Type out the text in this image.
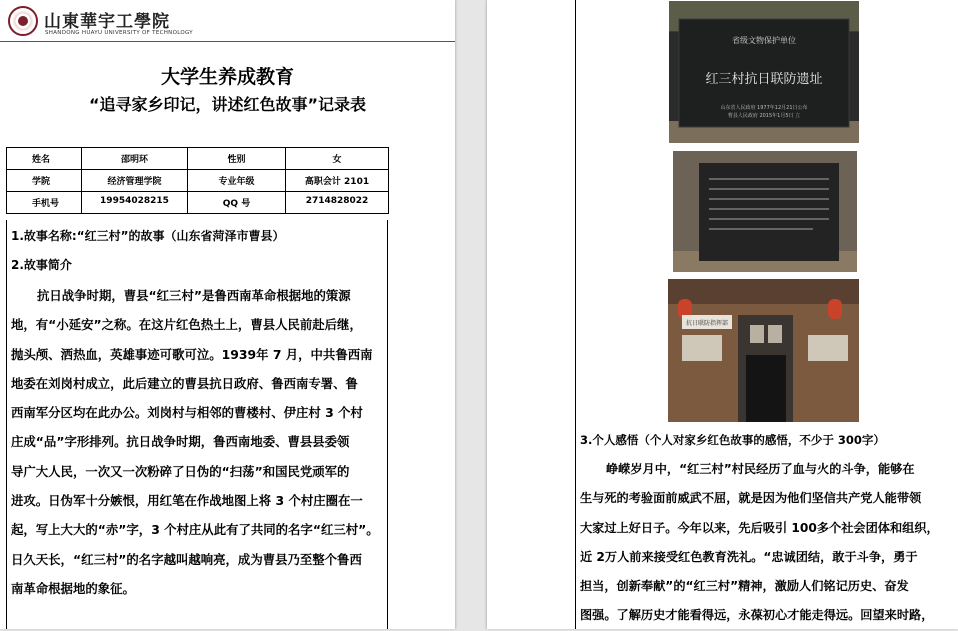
山東華宇工學院
SHANDONG HUAYU UNIVERSITY OF TECHNOLOGY
大学生养成教育
“追寻家乡印记，讲述红色故事”记录表
姓名	邵明环	性别	女
学院	经济管理学院	专业年级	高职会计 2101
手机号	19954028215	QQ 号	2714828022
1.故事名称:“红三村”的故事（山东省菏泽市曹县）
2.故事简介
抗日战争时期，曹县“红三村”是鲁西南革命根据地的策源
地，有“小延安”之称。在这片红色热土上，曹县人民前赴后继，
抛头颅、洒热血，英雄事迹可歌可泣。1939年 7 月，中共鲁西南
地委在刘岗村成立，此后建立的曹县抗日政府、鲁西南专署、鲁
西南军分区均在此办公。刘岗村与相邻的曹楼村、伊庄村 3 个村
庄成“品”字形排列。抗日战争时期，鲁西南地委、曹县县委领
导广大人民，一次又一次粉碎了日伪的“扫荡”和国民党顽军的
进攻。日伪军十分嫉恨，用红笔在作战地图上将 3 个村庄圈在一
起，写上大大的“赤”字，3 个村庄从此有了共同的名字“红三村”。
日久天长，“红三村”的名字越叫越响亮，成为曹县乃至整个鲁西
南革命根据地的象征。
省级文物保护单位
红三村抗日联防遗址
山东省人民政府 1977年12月21日公布
曹县人民政府 2015年1月5日 立
抗日联防指挥部
3.个人感悟（个人对家乡红色故事的感悟，不少于 300字）
峥嵘岁月中，“红三村”村民经历了血与火的斗争，能够在
生与死的考验面前威武不屈，就是因为他们坚信共产党人能带领
大家过上好日子。今年以来，先后吸引 100多个社会团体和组织，
近 2万人前来接受红色教育洗礼。“忠诚团结，敢于斗争，勇于
担当，创新奉献”的“红三村”精神，激励人们铭记历史、奋发
图强。了解历史才能看得远，永葆初心才能走得远。回望来时路，
